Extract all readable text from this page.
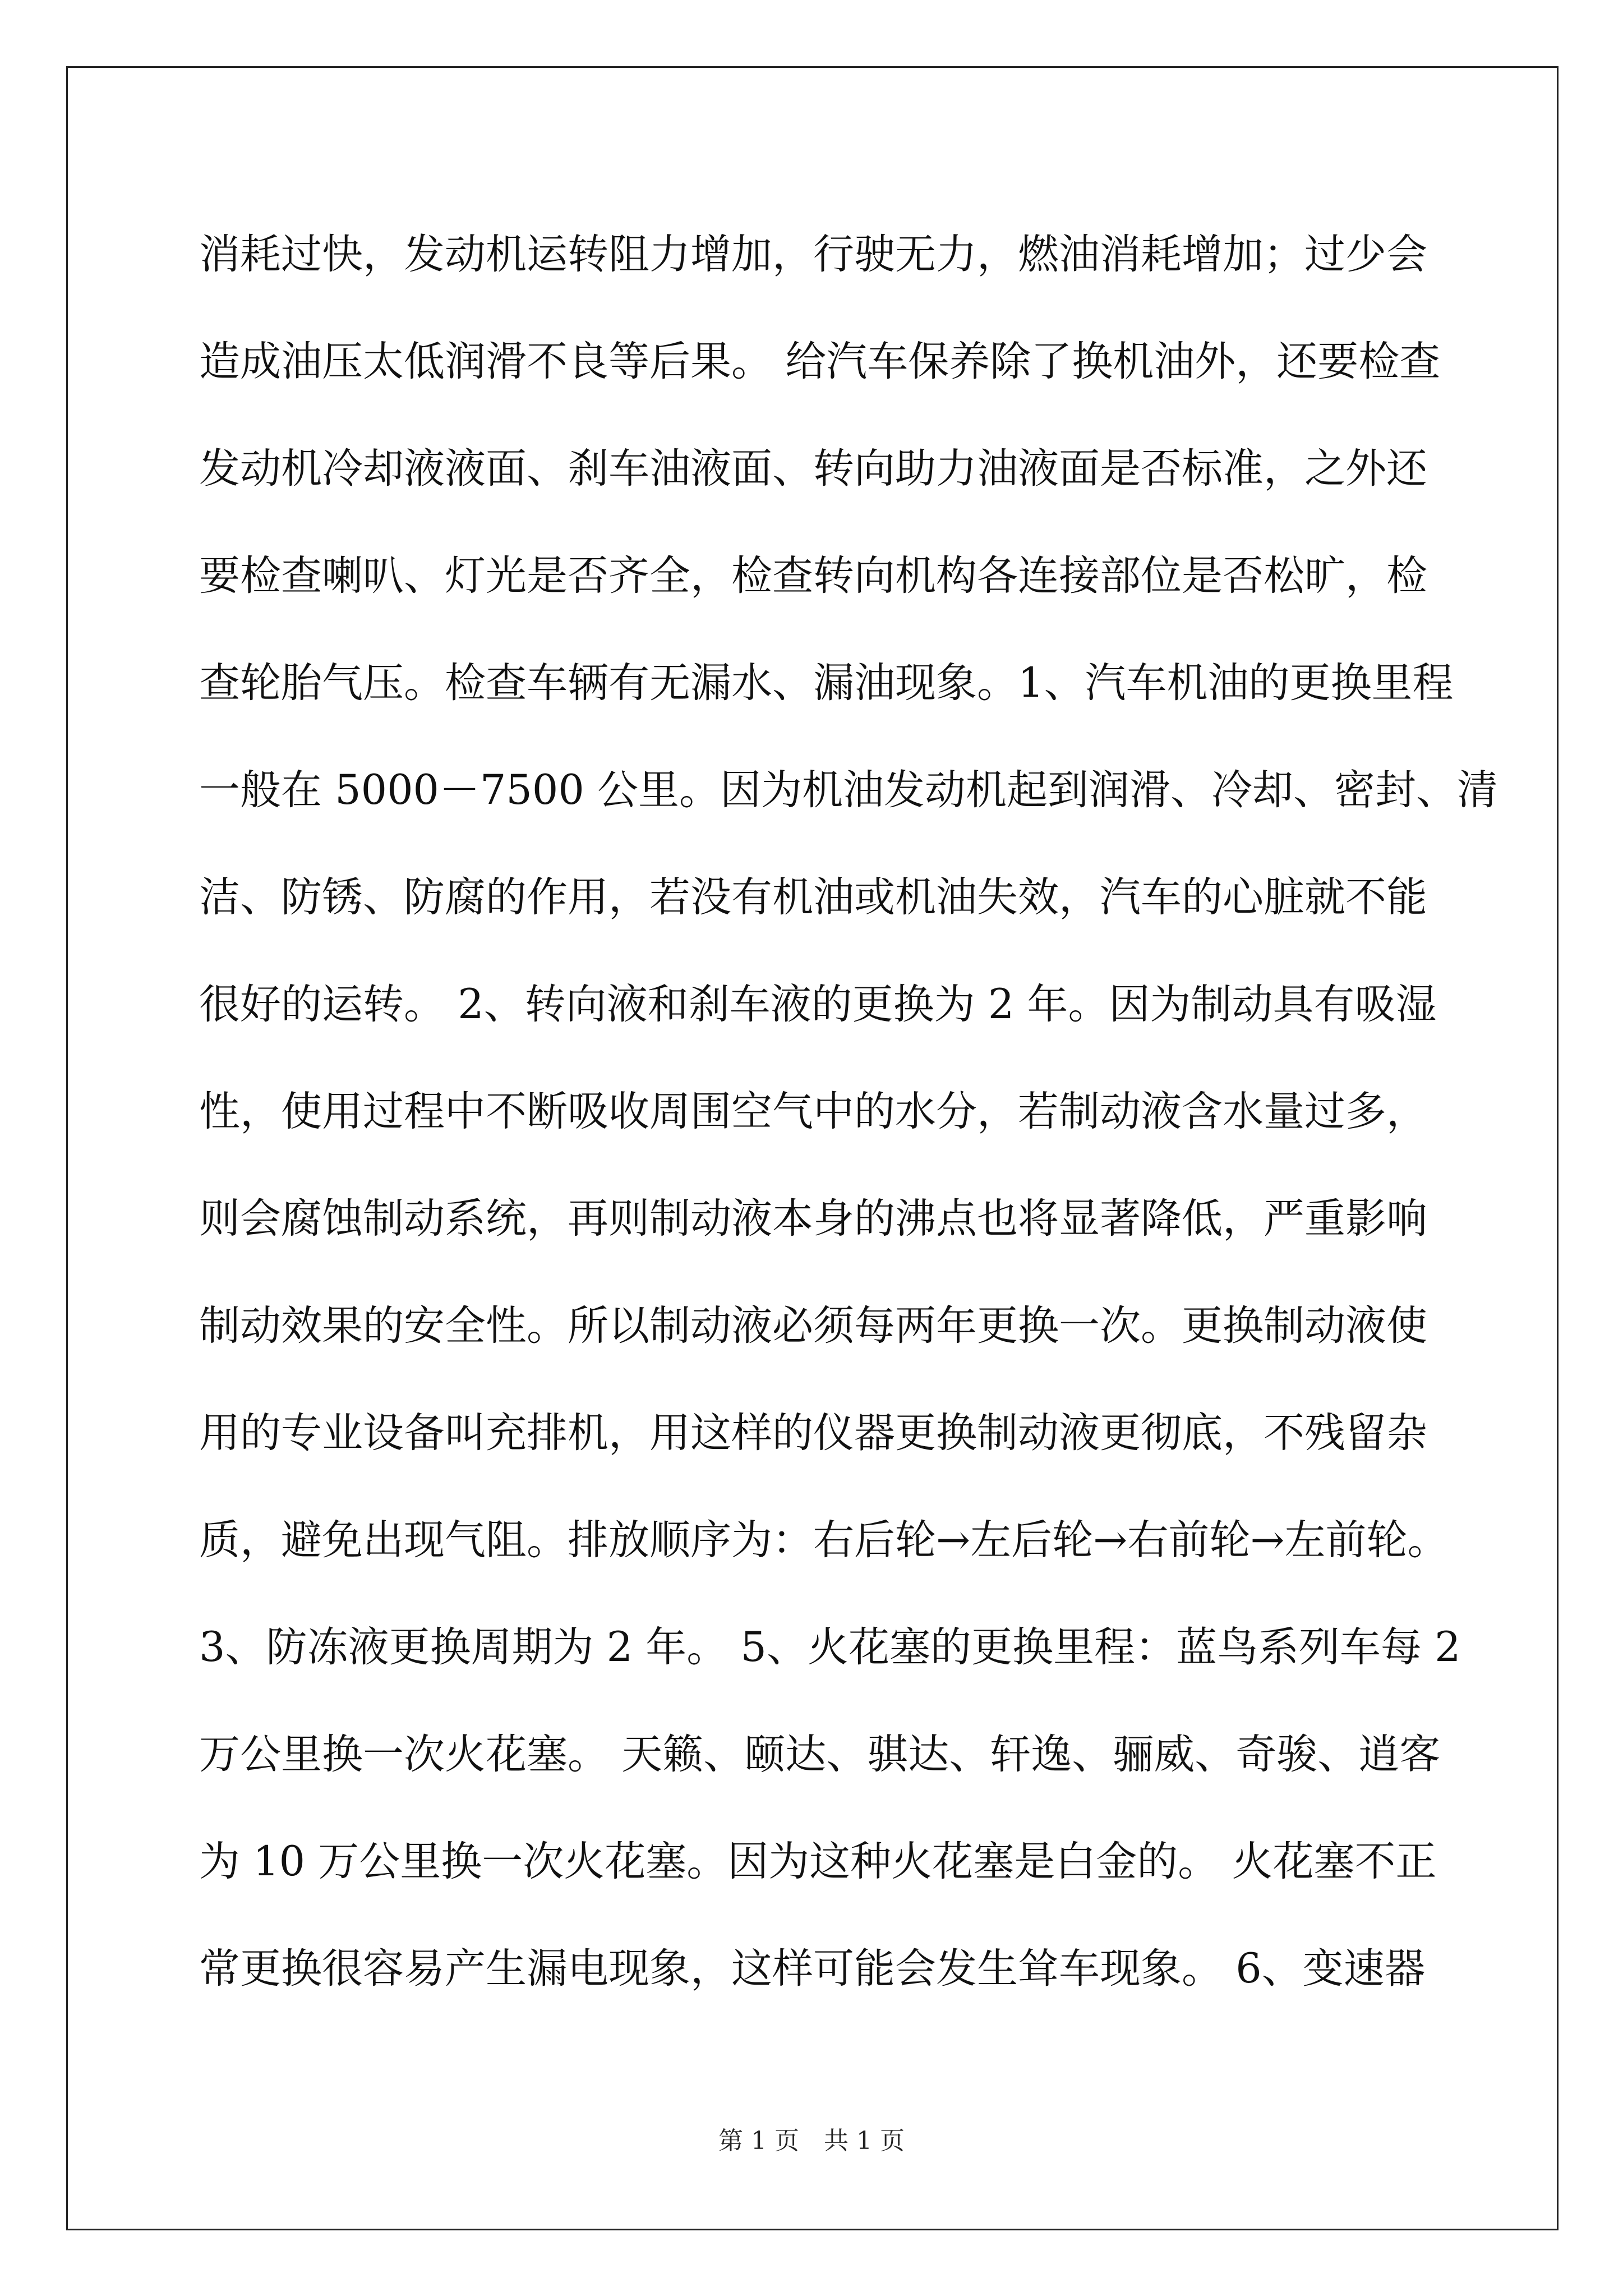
消耗过快，发动机运转阻力增加，行驶无力，燃油消耗增加；过少会
造成油压太低润滑不良等后果。 给汽车保养除了换机油外，还要检查
发动机冷却液液面、刹车油液面、转向助力油液面是否标准，之外还
要检查喇叭、灯光是否齐全，检查转向机构各连接部位是否松旷，检
查轮胎气压。检查车辆有无漏水、漏油现象。1、汽车机油的更换里程
一般在 5000－7500 公里。因为机油发动机起到润滑、冷却、密封、清
洁、防锈、防腐的作用，若没有机油或机油失效，汽车的心脏就不能
很好的运转。 2、转向液和刹车液的更换为 2 年。因为制动具有吸湿
性，使用过程中不断吸收周围空气中的水分，若制动液含水量过多，
则会腐蚀制动系统，再则制动液本身的沸点也将显著降低，严重影响
制动效果的安全性。所以制动液必须每两年更换一次。更换制动液使
用的专业设备叫充排机，用这样的仪器更换制动液更彻底，不残留杂
质，避免出现气阻。排放顺序为：右后轮→左后轮→右前轮→左前轮。
3、防冻液更换周期为 2 年。 5、火花塞的更换里程：蓝鸟系列车每 2
万公里换一次火花塞。 天籁、颐达、骐达、轩逸、骊威、奇骏、逍客
为 10 万公里换一次火花塞。因为这种火花塞是白金的。 火花塞不正
常更换很容易产生漏电现象，这样可能会发生耸车现象。 6、变速器
第 1 页　共 1 页
